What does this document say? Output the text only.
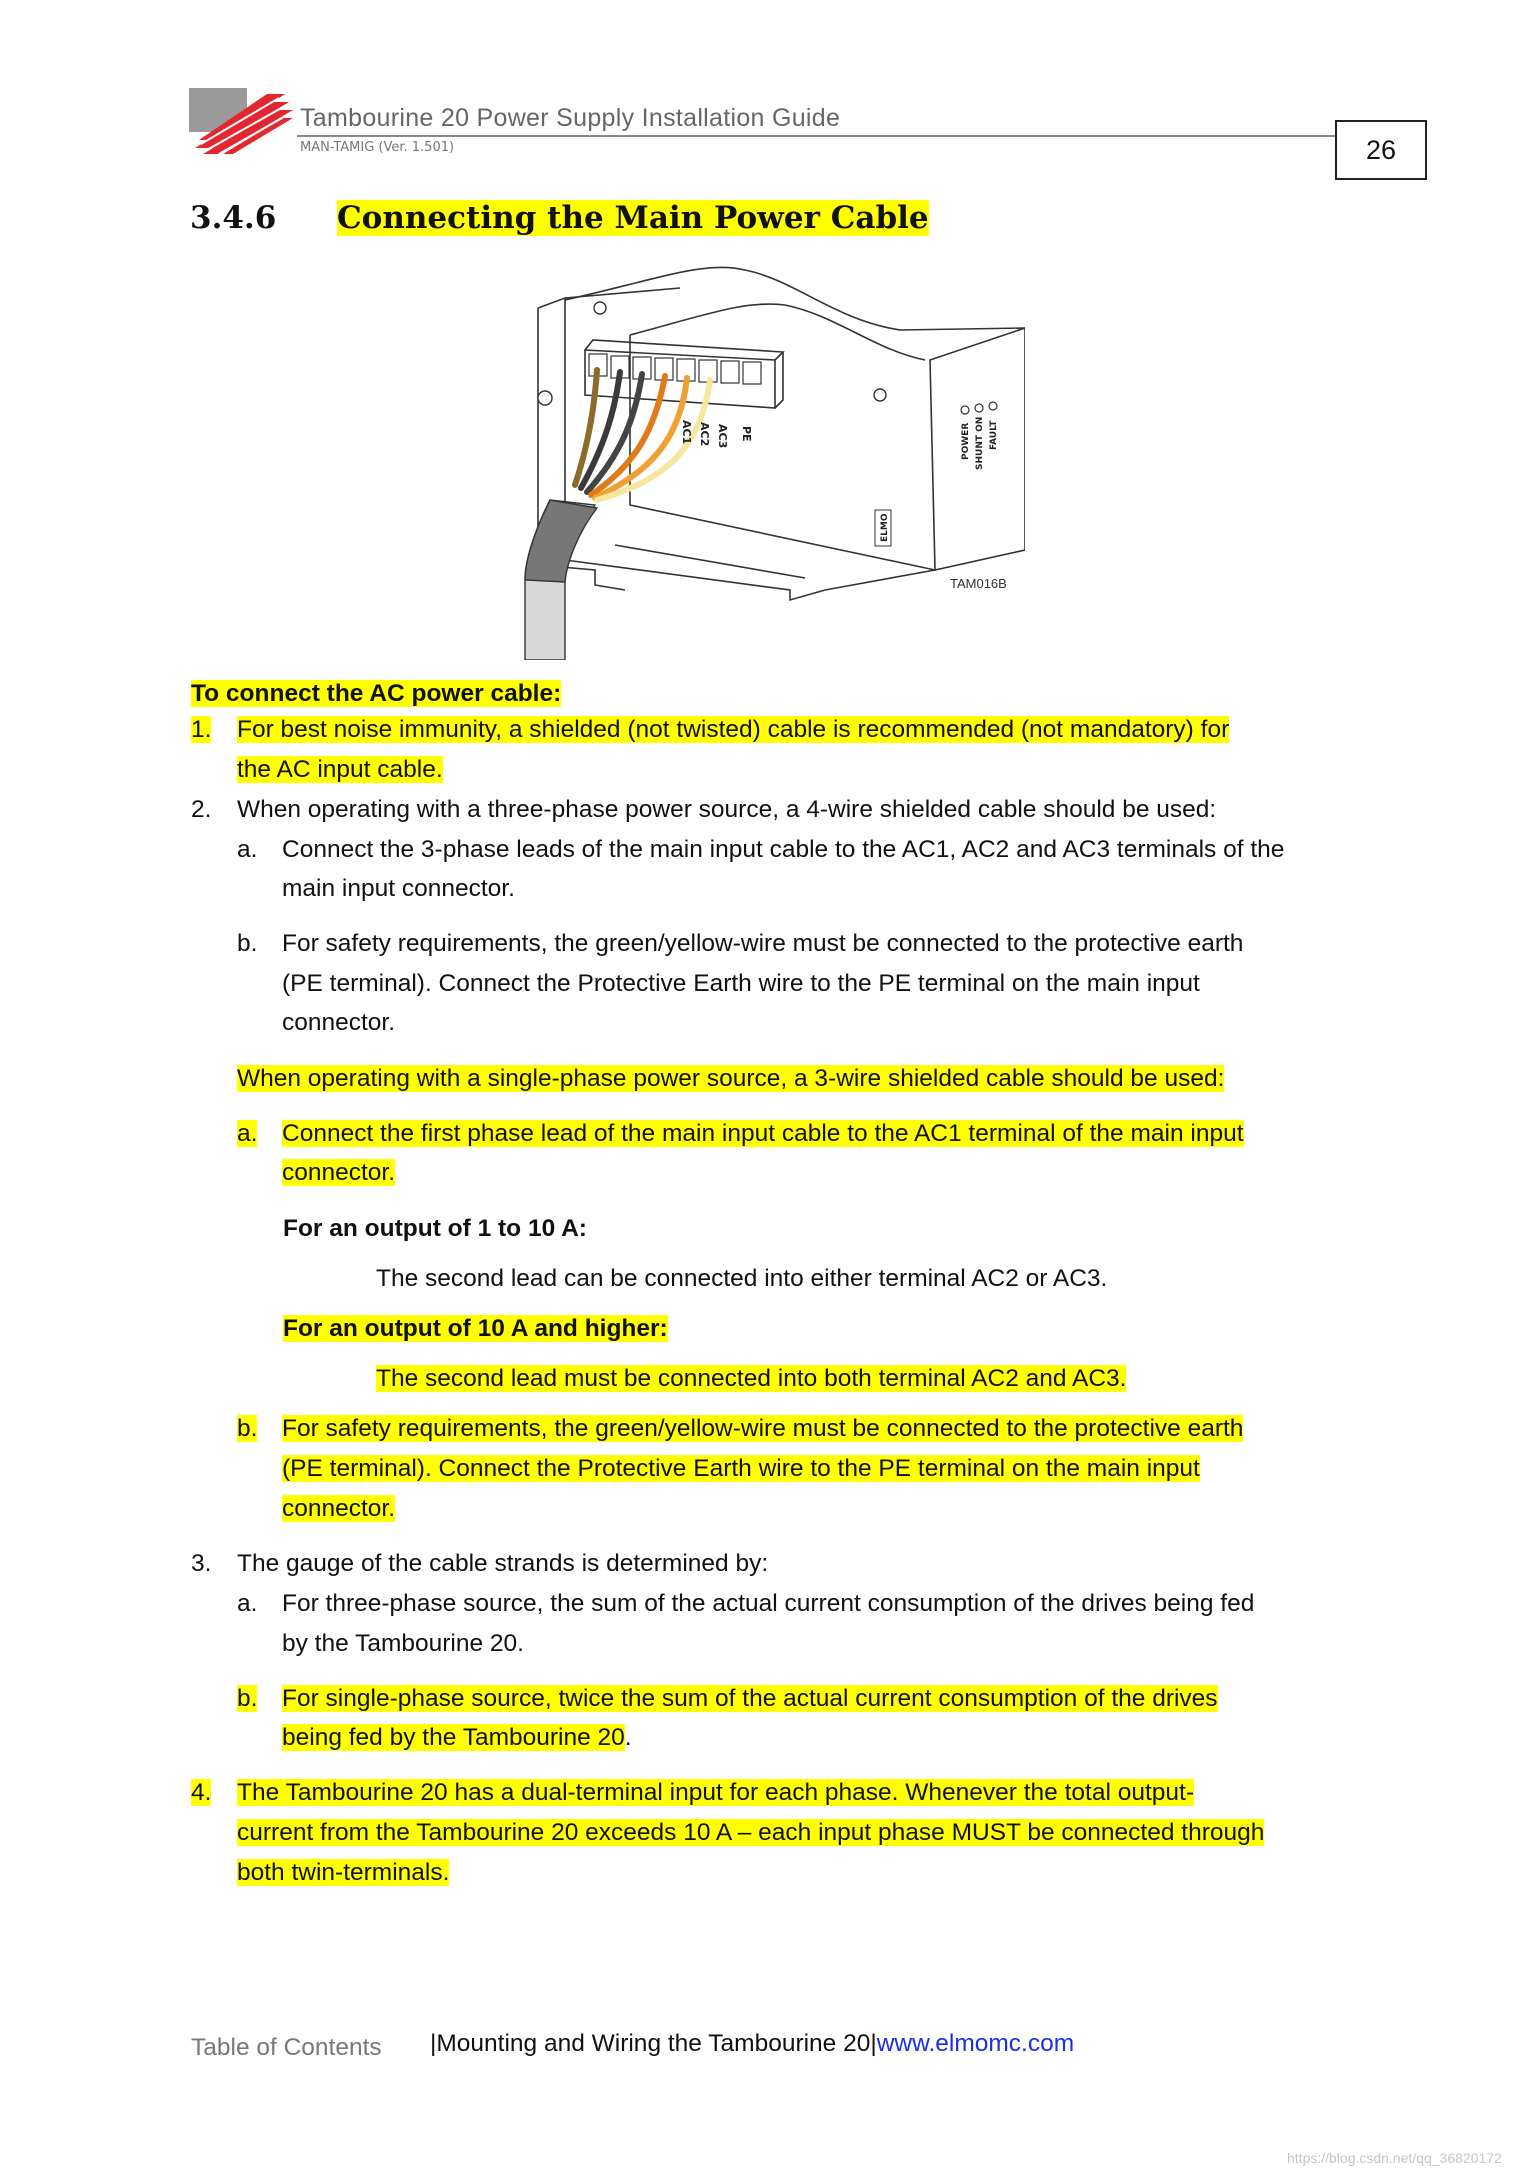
Tambourine 20 Power Supply Installation Guide
MAN-TAMIG (Ver. 1.501)	26
3.4.6 Connecting the Main Power Cable
AC1 AC2 AC3 PE	POWER SHUNT ON FAULT
ELMO
TAM016B
To connect the AC power cable:
1. For best noise immunity, a shielded (not twisted) cable is recommended (not mandatory) for
the AC input cable.
2. When operating with a three-phase power source, a 4-wire shielded cable should be used:
a. Connect the 3-phase leads of the main input cable to the AC1, AC2 and AC3 terminals of the
main input connector.
b. For safety requirements, the green/yellow-wire must be connected to the protective earth
(PE terminal). Connect the Protective Earth wire to the PE terminal on the main input
connector.
When operating with a single-phase power source, a 3-wire shielded cable should be used:
a. Connect the first phase lead of the main input cable to the AC1 terminal of the main input
connector.
For an output of 1 to 10 A:
The second lead can be connected into either terminal AC2 or AC3.
For an output of 10 A and higher:
The second lead must be connected into both terminal AC2 and AC3.
b. For safety requirements, the green/yellow-wire must be connected to the protective earth
(PE terminal). Connect the Protective Earth wire to the PE terminal on the main input
connector.
3. The gauge of the cable strands is determined by:
a. For three-phase source, the sum of the actual current consumption of the drives being fed
by the Tambourine 20.
b. For single-phase source, twice the sum of the actual current consumption of the drives
being fed by the Tambourine 20.
4. The Tambourine 20 has a dual-terminal input for each phase. Whenever the total output-
current from the Tambourine 20 exceeds 10 A – each input phase MUST be connected through
both twin-terminals.
Table of Contents |Mounting and Wiring the Tambourine 20|www.elmomc.com
https://blog.csdn.net/qq_36820172
